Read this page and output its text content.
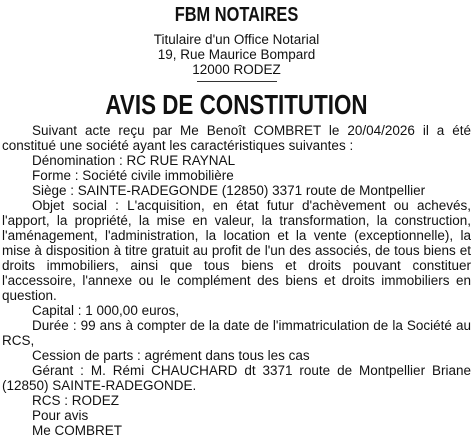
FBM NOTAIRES
Titulaire d'un Office Notarial
19, Rue Maurice Bompard
12000 RODEZ
AVIS DE CONSTITUTION

Suivant acte reçu par Me Benoît COMBRET le 20/04/2026 il a été constitué une société ayant les caractéristiques suivantes :

Dénomination : RC RUE RAYNAL

Forme : Société civile immobilière

Siège : SAINTE-RADEGONDE (12850) 3371 route de Montpellier

Objet social : L'acquisition, en état futur d'achèvement ou achevés, l'apport, la propriété, la mise en valeur, la transformation, la construction, l'aménagement, l'administration, la location et la vente (exceptionnelle), la mise à disposition à titre gratuit au profit de l'un des associés, de tous biens et droits immobiliers, ainsi que tous biens et droits pouvant constituer l'accessoire, l'annexe ou le complément des biens et droits immobiliers en question.

Capital : 1 000,00 euros,

Durée : 99 ans à compter de la date de l'immatriculation de la Société au RCS,

Cession de parts : agrément dans tous les cas

Gérant : M. Rémi CHAUCHARD dt 3371 route de Montpellier Briane (12850) SAINTE-RADEGONDE.

RCS : RODEZ

Pour avis

Me COMBRET
